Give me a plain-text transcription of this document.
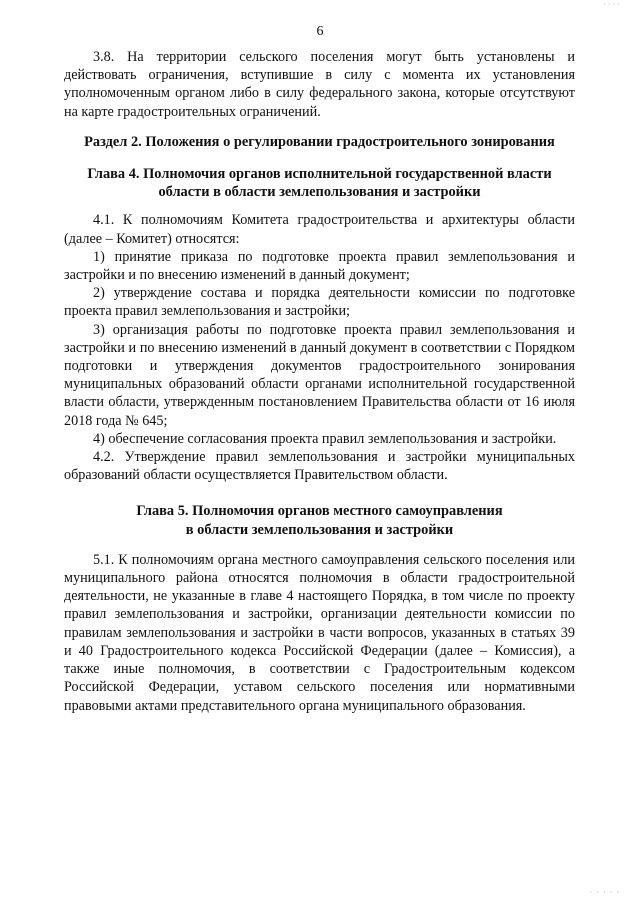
6

3.8. На территории сельского поселения могут быть установлены и действовать ограничения, вступившие в силу с момента их установления уполномоченным органом либо в силу федерального закона, которые отсутствуют на карте градостроительных ограничений.

Раздел 2. Положения о регулировании градостроительного зонирования
Глава 4. Полномочия органов исполнительной государственной власти
области в области землепользования и застройки

4.1. К полномочиям Комитета градостроительства и архитектуры области (далее – Комитет) относятся:

1) принятие приказа по подготовке проекта правил землепользования и застройки и по внесению изменений в данный документ;

2) утверждение состава и порядка деятельности комиссии по подготовке проекта правил землепользования и застройки;

3) организация работы по подготовке проекта правил землепользования и застройки и по внесению изменений в данный документ в соответствии с Порядком подготовки и утверждения документов градостроительного зонирования муниципальных образований области органами исполнительной государственной власти области, утвержденным постановлением Правительства области от 16 июля 2018 года № 645;

4) обеспечение согласования проекта правил землепользования и застройки.

4.2. Утверждение правил землепользования и застройки муниципальных образований области осуществляется Правительством области.

Глава 5. Полномочия органов местного самоуправления
в области землепользования и застройки

5.1. К полномочиям органа местного самоуправления сельского поселения или муниципального района относятся полномочия в области градостроительной деятельности, не указанные в главе 4 настоящего Порядка, в том числе по проекту правил землепользования и застройки, организации деятельности комиссии по правилам землепользования и застройки в части вопросов, указанных в статьях 39 и 40 Градостроительного кодекса Российской Федерации (далее – Комиссия), а также иные полномочия, в соответствии с Градостроительным кодексом Российской Федерации, уставом сельского поселения или нормативными правовыми актами представительного органа муниципального образования.

· · · ·
· · · · ·
